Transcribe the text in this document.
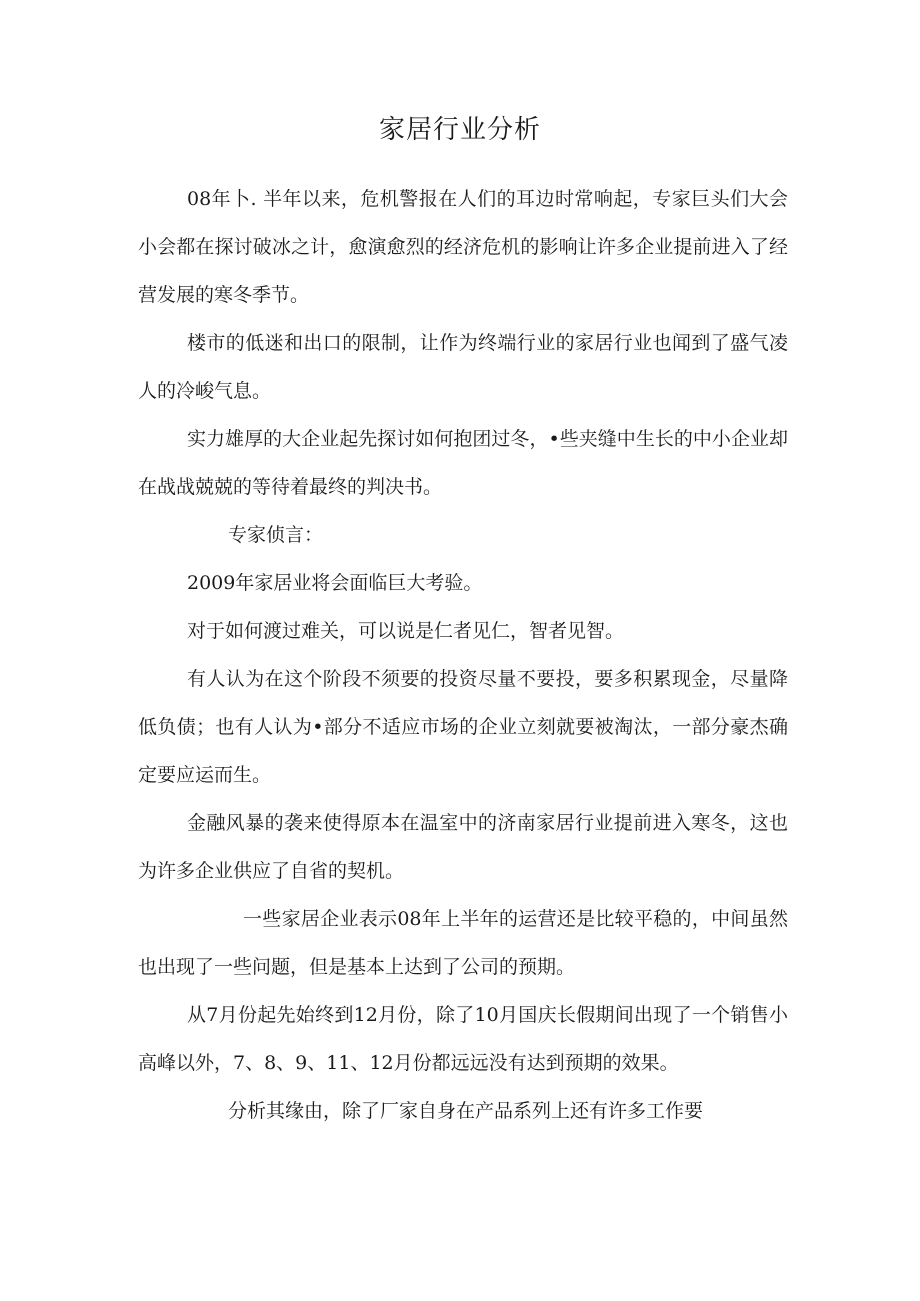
家居行业分析

08年卜. 半年以来，危机警报在人们的耳边时常响起，专家巨头们大会小会都在探讨破冰之计，愈演愈烈的经济危机的影响让许多企业提前进入了经营发展的寒冬季节。

楼市的低迷和出口的限制，让作为终端行业的家居行业也闻到了盛气凌人的冷峻气息。

实力雄厚的大企业起先探讨如何抱团过冬，•些夹缝中生长的中小企业却在战战兢兢的等待着最终的判决书。

专家侦言：

2009年家居业将会面临巨大考验。

对于如何渡过难关，可以说是仁者见仁，智者见智。

有人认为在这个阶段不须要的投资尽量不要投，要多积累现金，尽量降低负债；也有人认为•部分不适应市场的企业立刻就要被淘汰，一部分豪杰确定要应运而生。

金融风暴的袭来使得原本在温室中的济南家居行业提前进入寒冬，这也为许多企业供应了自省的契机。

一些家居企业表示08年上半年的运营还是比较平稳的，中间虽然也出现了一些问题，但是基本上达到了公司的预期。

从7月份起先始终到12月份，除了10月国庆长假期间出现了一个销售小高峰以外，7、8、9、11、12月份都远远没有达到预期的效果。

分析其缘由，除了厂家自身在产品系列上还有许多工作要
